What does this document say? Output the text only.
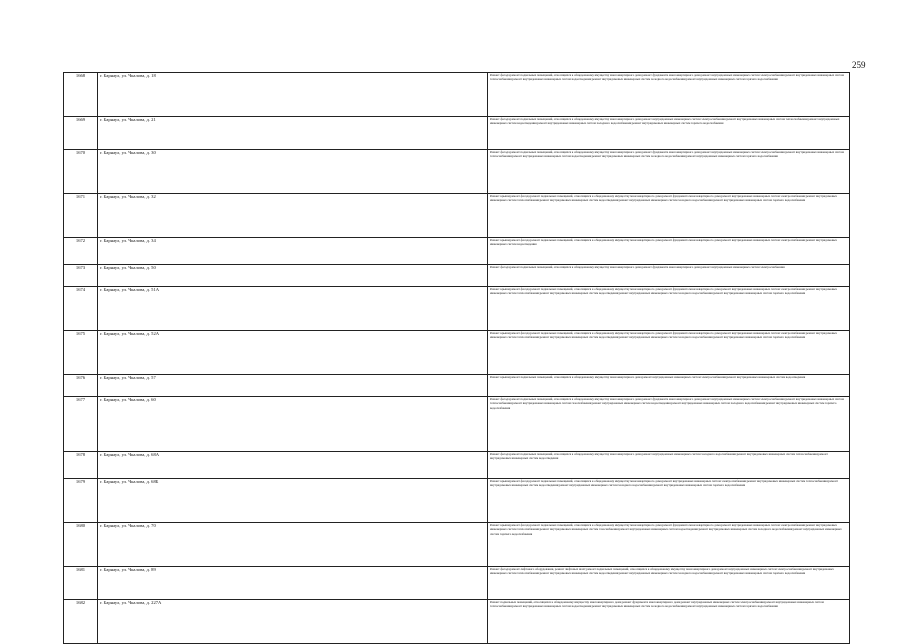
259
1668	г. Барнаул, ул. Чкалова, д. 18	Ремонт фасада;ремонт подвальных помещений, относящихся к общедомовому имуществу многоквартирного дома;ремонт фундамента многоквартирного дома;ремонт внутридомовых инженерных систем электроснабжения;ремонт внутридомовых инженерных систем теплоснабжения;ремонт внутридомовых инженерных систем водоотведения;ремонт внутридомовых инженерных систем холодного водоснабжения;ремонт внутридомовых инженерных систем горячего водоснабжения

1669	г. Барнаул, ул. Чкалова, д. 21	Ремонт фасада;ремонт подвальных помещений, относящихся к общедомовому имуществу многоквартирного дома;ремонт внутридомовых инженерных систем электроснабжения;ремонт внутридомовых инженерных систем теплоснабжения;ремонт внутридомовых инженерных систем водоотведения;ремонт внутридомовых инженерных систем холодного водоснабжения;ремонт внутридомовых инженерных систем горячего водоснабжения

1670	г. Барнаул, ул. Чкалова, д. 30	Ремонт фасада;ремонт подвальных помещений, относящихся к общедомовому имуществу многоквартирного дома;ремонт фундамента многоквартирного дома;ремонт внутридомовых инженерных систем электроснабжения;ремонт внутридомовых инженерных систем теплоснабжения;ремонт внутридомовых инженерных систем водоотведения;ремонт внутридомовых инженерных систем холодного водоснабжения;ремонт внутридомовых инженерных систем горячего водоснабжения

1671	г. Барнаул, ул. Чкалова, д. 32	Ремонт крыши;ремонт фасада;ремонт подвальных помещений, относящихся к общедомовому имуществу многоквартирного дома;ремонт фундамента многоквартирного дома;ремонт внутридомовых инженерных систем электроснабжения;ремонт внутридомовых инженерных систем теплоснабжения;ремонт внутридомовых инженерных систем водоотведения;ремонт внутридомовых инженерных систем холодного водоснабжения;ремонт внутридомовых инженерных систем горячего водоснабжения

1672	г. Барнаул, ул. Чкалова, д. 34	Ремонт крыши;ремонт фасада;ремонт подвальных помещений, относящихся к общедомовому имуществу многоквартирного дома;ремонт фундамента многоквартирного дома;ремонт внутридомовых инженерных систем электроснабжения;ремонт внутридомовых инженерных систем водоотведения

1673	г. Барнаул, ул. Чкалова, д. 50	Ремонт фасада;ремонт подвальных помещений, относящихся к общедомовому имуществу многоквартирного дома;ремонт фундамента многоквартирного дома;ремонт внутридомовых инженерных систем электроснабжения

1674	г. Барнаул, ул. Чкалова, д. 51А	Ремонт крыши;ремонт фасада;ремонт подвальных помещений, относящихся к общедомовому имуществу многоквартирного дома;ремонт фундамента многоквартирного дома;ремонт внутридомовых инженерных систем электроснабжения;ремонт внутридомовых инженерных систем теплоснабжения;ремонт внутридомовых инженерных систем водоотведения;ремонт внутридомовых инженерных систем холодного водоснабжения;ремонт внутридомовых инженерных систем горячего водоснабжения

1675	г. Барнаул, ул. Чкалова, д. 52А	Ремонт крыши;ремонт фасада;ремонт подвальных помещений, относящихся к общедомовому имуществу многоквартирного дома;ремонт фундамента многоквартирного дома;ремонт внутридомовых инженерных систем электроснабжения;ремонт внутридомовых инженерных систем теплоснабжения;ремонт внутридомовых инженерных систем водоотведения;ремонт внутридомовых инженерных систем холодного водоснабжения;ремонт внутридомовых инженерных систем горячего водоснабжения

1676	г. Барнаул, ул. Чкалова, д. 57	Ремонт крыши;ремонт подвальных помещений, относящихся к общедомовому имуществу многоквартирного дома;ремонт внутридомовых инженерных систем электроснабжения;ремонт внутридомовых инженерных систем водоотведения

1677	г. Барнаул, ул. Чкалова, д. 60	Ремонт фасада;ремонт подвальных помещений, относящихся к общедомовому имуществу многоквартирного дома;ремонт фундамента многоквартирного дома;ремонт внутридомовых инженерных систем электроснабжения;ремонт внутридомовых инженерных систем теплоснабжения;ремонт внутридомовых инженерных систем газоснабжения;ремонт внутридомовых инженерных систем водоотведения;ремонт внутридомовых инженерных систем холодного водоснабжения;ремонт внутридомовых инженерных систем горячего водоснабжения

1678	г. Барнаул, ул. Чкалова, д. 68А	Ремонт фасада;ремонт подвальных помещений, относящихся к общедомовому имуществу многоквартирного дома;ремонт внутридомовых инженерных систем холодного водоснабжения;ремонт внутридомовых инженерных систем теплоснабжения;ремонт внутридомовых инженерных систем водоотведения

1679	г. Барнаул, ул. Чкалова, д. 68Б	Ремонт крыши;ремонт фасада;ремонт подвальных помещений, относящихся к общедомовому имуществу многоквартирного дома;ремонт внутридомовых инженерных систем электроснабжения;ремонт внутридомовых инженерных систем теплоснабжения;ремонт внутридомовых инженерных систем водоотведения;ремонт внутридомовых инженерных систем холодного водоснабжения;ремонт внутридомовых инженерных систем горячего водоснабжения

1680	г. Барнаул, ул. Чкалова, д. 70	Ремонт крыши;ремонт фасада;ремонт подвальных помещений, относящихся к общедомовому имуществу многоквартирного дома;ремонт фундамента многоквартирного дома;ремонт внутридомовых инженерных систем электроснабжения;ремонт внутридомовых инженерных систем теплоснабжения;ремонт внутридомовых инженерных систем газоснабжения;ремонт внутридомовых инженерных систем водоотведения;ремонт внутридомовых инженерных систем холодного водоснабжения;ремонт внутридомовых инженерных систем горячего водоснабжения

1681	г. Барнаул, ул. Чкалова, д. 89	Ремонт фасада;ремонт лифтового оборудования, ремонт лифтовых шахт;ремонт подвальных помещений, относящихся к общедомовому имуществу многоквартирного дома;ремонт внутридомовых инженерных систем электроснабжения;ремонт внутридомовых инженерных систем теплоснабжения;ремонт внутридомовых инженерных систем водоотведения;ремонт внутридомовых инженерных систем холодного водоснабжения;ремонт внутридомовых инженерных систем горячего водоснабжения

1682	г. Барнаул, ул. Чкалова, д. 227А	Ремонт подвальных помещений, относящихся к общедомовому имуществу многоквартирного дома;ремонт фундамента многоквартирного дома;ремонт внутридомовых инженерных систем электроснабжения;ремонт внутридомовых инженерных систем теплоснабжения;ремонт внутридомовых инженерных систем водоотведения;ремонт внутридомовых инженерных систем холодного водоснабжения;ремонт внутридомовых инженерных систем горячего водоснабжения
